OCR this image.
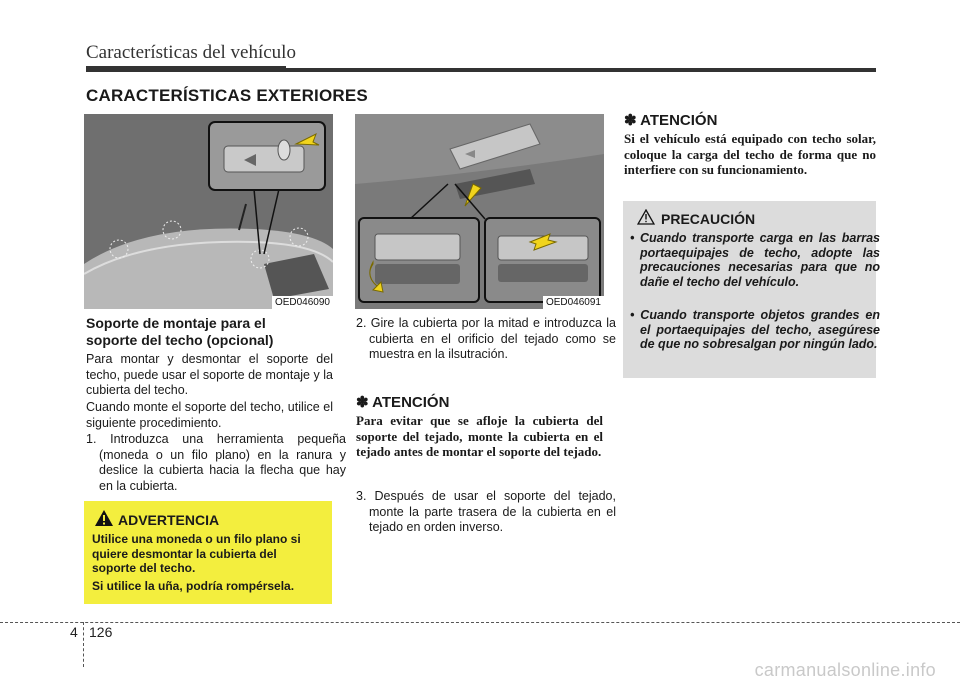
Características del vehículo
CARACTERÍSTICAS EXTERIORES
OED046090
Soporte de montaje para el soporte del techo (opcional)
Para montar y desmontar el soporte del techo, puede usar el soporte de montaje y la cubierta del techo.
Cuando monte el soporte del techo, utilice el siguiente procedimiento.
1. Introduzca una herramienta pequeña (moneda o un filo plano) en la ranura y deslice la cubierta hacia la flecha que hay en la cubierta.
ADVERTENCIA
Utilice una moneda o un filo plano si quiere desmontar la cubierta del soporte del techo.
Si utilice la uña, podría rompérsela.
OED046091
2. Gire la cubierta por la mitad e introduzca la cubierta en el orificio del tejado como se muestra en la ilsutración.
✽ ATENCIÓN
Para evitar que se afloje la cubierta del soporte del tejado, monte la cubierta en el tejado antes de montar el soporte del tejado.
3. Después de usar el soporte del tejado, monte la parte trasera de la cubierta en el tejado en orden inverso.
✽ ATENCIÓN
Si el vehículo está equipado con techo solar, coloque la carga del techo de forma que no interfiere con su funcionamiento.
PRECAUCIÓN
• Cuando transporte carga en las barras portaequipajes de techo, adopte las precauciones necesarias para que no dañe el techo del vehículo.
• Cuando transporte objetos grandes en el portaequipajes del techo, asegúrese de que no sobresalgan por ningún lado.
4 126
carmanualsonline.info
